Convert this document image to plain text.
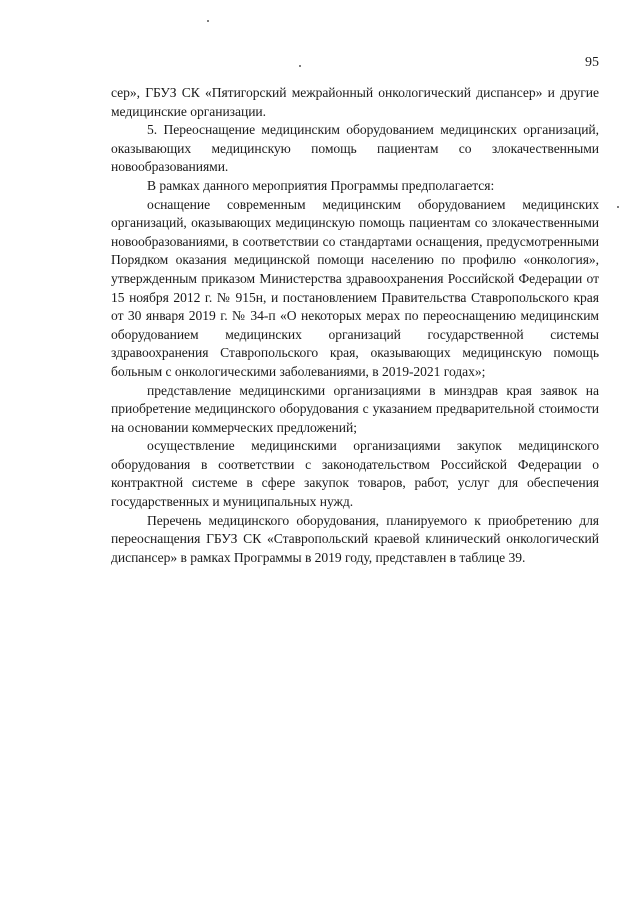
95

сер», ГБУЗ СК «Пятигорский межрайонный онкологический диспансер» и другие медицинские организации.

5. Переоснащение медицинским оборудованием медицинских организаций, оказывающих медицинскую помощь пациентам со злокачественными новообразованиями.

В рамках данного мероприятия Программы предполагается:

оснащение современным медицинским оборудованием медицинских организаций, оказывающих медицинскую помощь пациентам со злокачественными новообразованиями, в соответствии со стандартами оснащения, предусмотренными Порядком оказания медицинской помощи населению по профилю «онкология», утвержденным приказом Министерства здравоохранения Российской Федерации от 15 ноября 2012 г. № 915н, и постановлением Правительства Ставропольского края от 30 января 2019 г. № 34-п «О некоторых мерах по переоснащению медицинским оборудованием медицинских организаций государственной системы здравоохранения Ставропольского края, оказывающих медицинскую помощь больным с онкологическими заболеваниями, в 2019-2021 годах»;

представление медицинскими организациями в минздрав края заявок на приобретение медицинского оборудования с указанием предварительной стоимости на основании коммерческих предложений;

осуществление медицинскими организациями закупок медицинского оборудования в соответствии с законодательством Российской Федерации о контрактной системе в сфере закупок товаров, работ, услуг для обеспечения государственных и муниципальных нужд.

Перечень медицинского оборудования, планируемого к приобретению для переоснащения ГБУЗ СК «Ставропольский краевой клинический онкологический диспансер» в рамках Программы в 2019 году, представлен в таблице 39.
